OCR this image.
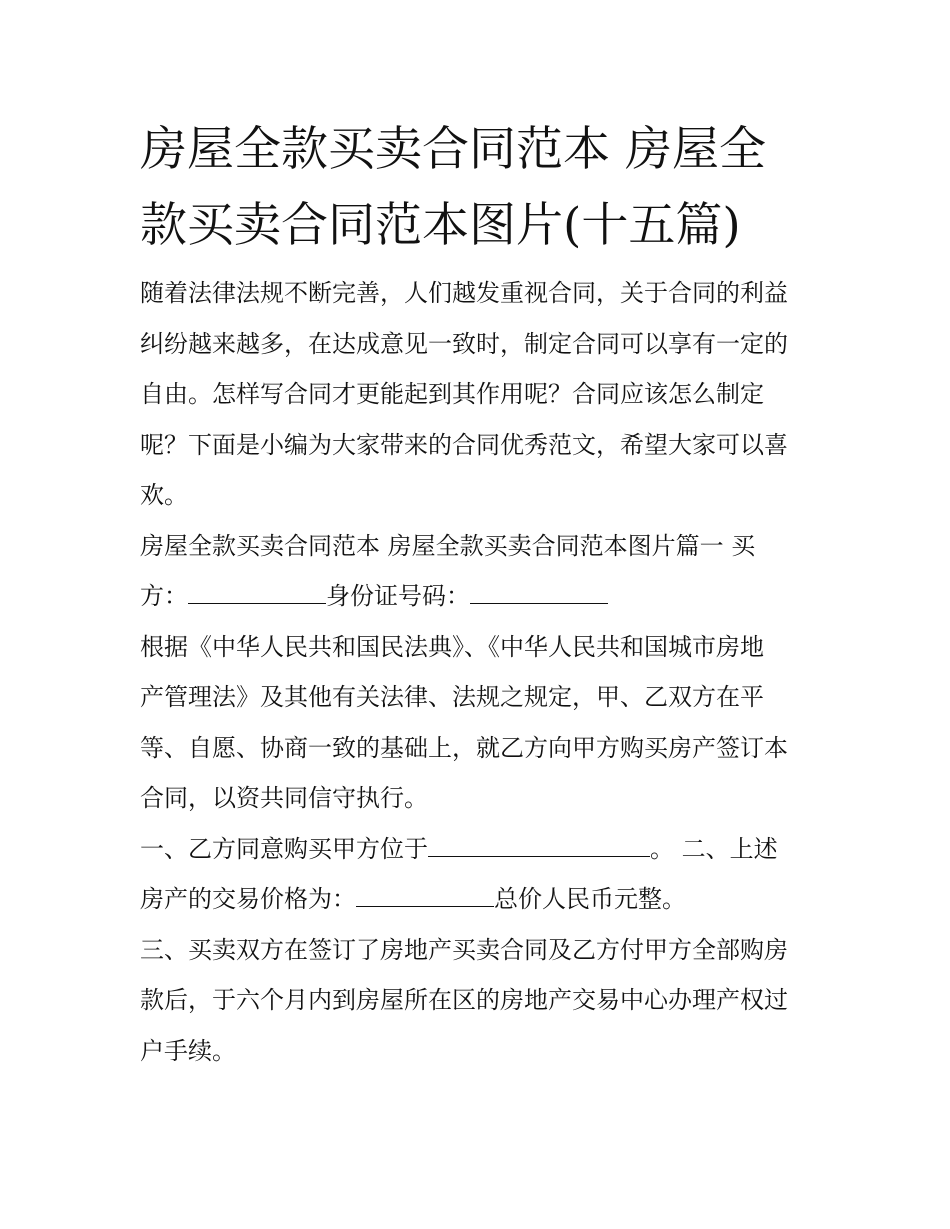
房屋全款买卖合同范本 房屋全
款买卖合同范本图片(十五篇)

随着法律法规不断完善，人们越发重视合同，关于合同的利益
纠纷越来越多，在达成意见一致时，制定合同可以享有一定的
自由。怎样写合同才更能起到其作用呢？合同应该怎么制定
呢？下面是小编为大家带来的合同优秀范文，希望大家可以喜
欢。

房屋全款买卖合同范本 房屋全款买卖合同范本图片篇一 买
方：	身份证号码：

根据《中华人民共和国民法典》、《中华人民共和国城市房地
产管理法》及其他有关法律、法规之规定，甲、乙双方在平
等、自愿、协商一致的基础上，就乙方向甲方购买房产签订本
合同，以资共同信守执行。

一、乙方同意购买甲方位于	。 二、上述
房产的交易价格为：	总价人民币元整。

三、买卖双方在签订了房地产买卖合同及乙方付甲方全部购房
款后，于六个月内到房屋所在区的房地产交易中心办理产权过
户手续。
